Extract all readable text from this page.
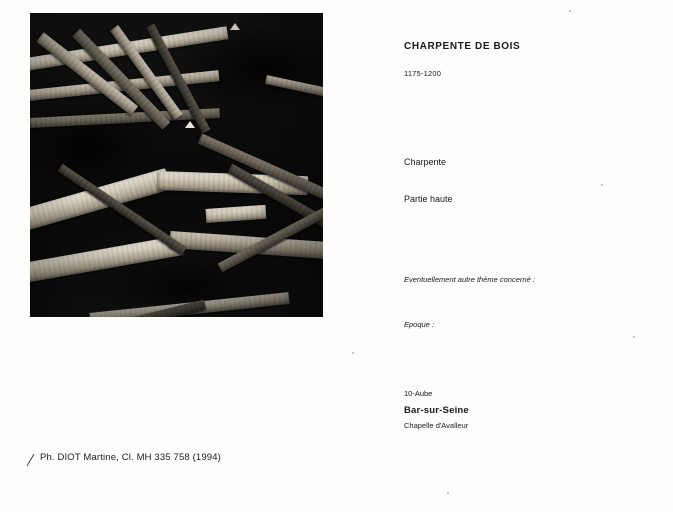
Ph. DIOT Martine, Cl. MH 335 758 (1994)
CHARPENTE DE BOIS
1175-1200
Charpente
Partie haute
Eventuellement autre thème concerné :
Epoque :
10-Aube
Bar-sur-Seine
Chapelle d'Avalleur
